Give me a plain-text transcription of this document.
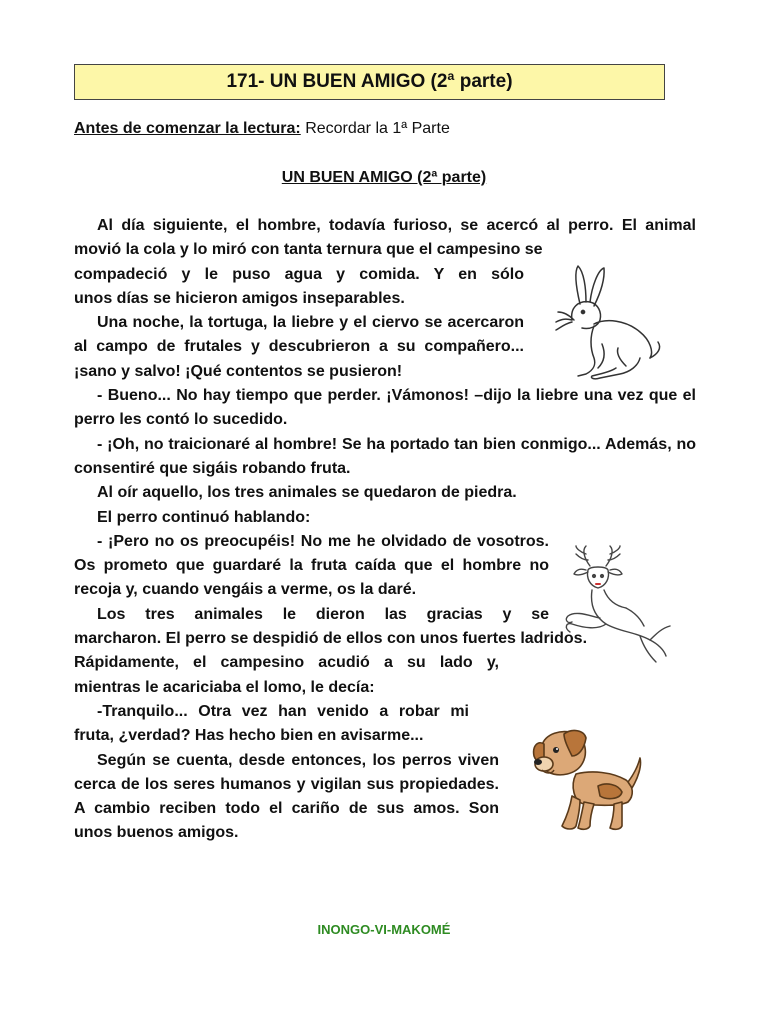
171- UN BUEN AMIGO (2ª parte)
Antes de comenzar la lectura: Recordar la 1ª Parte
UN BUEN AMIGO (2ª parte)

Al día siguiente, el hombre, todavía furioso, se acercó al perro. El animal movió la cola y lo miró con tanta ternura que el campesino se

compadeció y le puso agua y comida. Y en sólo

unos días se hicieron amigos inseparables.

Una noche, la tortuga, la liebre y el ciervo se acercaron al campo de frutales y descubrieron a su compañero... ¡sano y salvo! ¡Qué contentos se pusieron!

- Bueno... No hay tiempo que perder. ¡Vámonos! –dijo la liebre una vez que el perro les contó lo sucedido.

- ¡Oh, no traicionaré al hombre! Se ha portado tan bien conmigo... Además, no consentiré que sigáis robando fruta.

Al oír aquello, los tres animales se quedaron de piedra.

El perro continuó hablando:

- ¡Pero no os preocupéis! No me he olvidado de vosotros. Os prometo que guardaré la fruta caída que el hombre no recoja y, cuando vengáis a verme, os la daré.

Los tres animales le dieron las gracias y se

marcharon. El perro se despidió de ellos con unos fuertes ladridos.

Rápidamente, el campesino acudió a su lado y, mientras le acariciaba el lomo, le decía:

-Tranquilo... Otra vez han venido a robar mi

fruta, ¿verdad? Has hecho bien en avisarme...

Según se cuenta, desde entonces, los perros viven cerca de los seres humanos y vigilan sus propiedades. A cambio reciben todo el cariño de sus amos. Son unos buenos amigos.

INONGO-VI-MAKOMÉ
